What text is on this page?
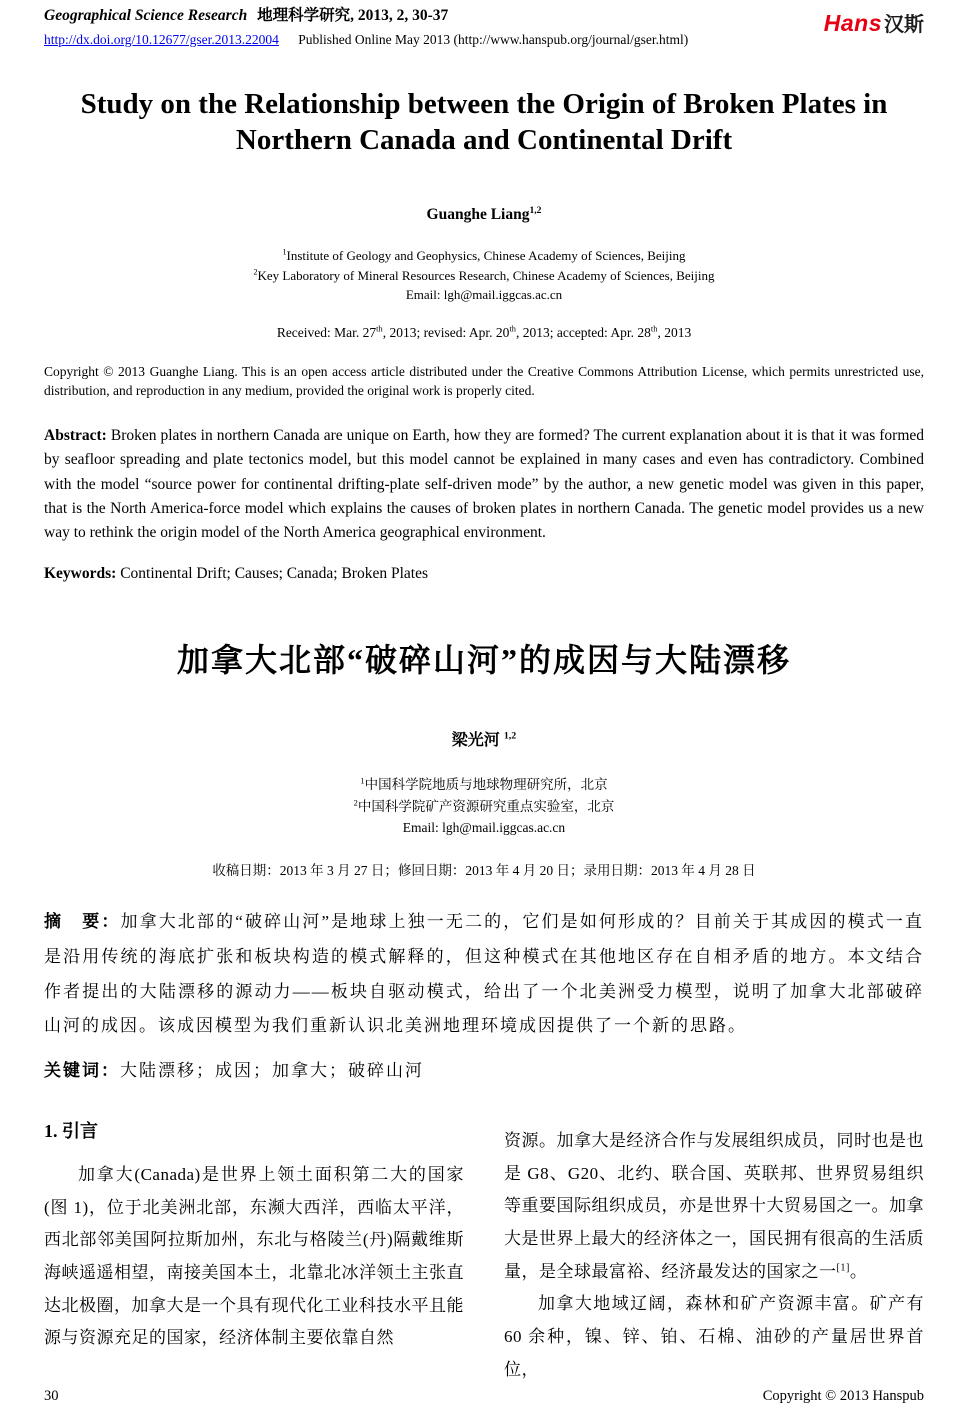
Geographical Science Research 地理科学研究, 2013, 2, 30-37
http://dx.doi.org/10.12677/gser.2013.22004 Published Online May 2013 (http://www.hanspub.org/journal/gser.html)
Hans 汉斯
Study on the Relationship between the Origin of Broken Plates in Northern Canada and Continental Drift
Guanghe Liang$^{1,2}$
$^1$Institute of Geology and Geophysics, Chinese Academy of Sciences, Beijing
$^2$Key Laboratory of Mineral Resources Research, Chinese Academy of Sciences, Beijing
Email: lgh@mail.iggcas.ac.cn
Received: Mar. 27th, 2013; revised: Apr. 20th, 2013; accepted: Apr. 28th, 2013

Copyright © 2013 Guanghe Liang. This is an open access article distributed under the Creative Commons Attribution License, which permits unrestricted use, distribution, and reproduction in any medium, provided the original work is properly cited.

Abstract: Broken plates in northern Canada are unique on Earth, how they are formed? The current explanation about it is that it was formed by seafloor spreading and plate tectonics model, but this model cannot be explained in many cases and even has contradictory. Combined with the model “source power for continental drifting-plate self-driven mode” by the author, a new genetic model was given in this paper, that is the North America-force model which explains the causes of broken plates in northern Canada. The genetic model provides us a new way to rethink the origin model of the North America geographical environment.

Keywords: Continental Drift; Causes; Canada; Broken Plates

加拿大北部“破碎山河”的成因与大陆漂移
梁光河 $^{1,2}$
$^1$中国科学院地质与地球物理研究所，北京
$^2$中国科学院矿产资源研究重点实验室，北京
Email: lgh@mail.iggcas.ac.cn
收稿日期：2013 年 3 月 27 日；修回日期：2013 年 4 月 20 日；录用日期：2013 年 4 月 28 日

摘　要：加拿大北部的“破碎山河”是地球上独一无二的，它们是如何形成的？目前关于其成因的模式一直是沿用传统的海底扩张和板块构造的模式解释的，但这种模式在其他地区存在自相矛盾的地方。本文结合作者提出的大陆漂移的源动力——板块自驱动模式，给出了一个北美洲受力模型，说明了加拿大北部破碎山河的成因。该成因模型为我们重新认识北美洲地理环境成因提供了一个新的思路。

关键词：大陆漂移；成因；加拿大；破碎山河

1. 引言

加拿大(Canada)是世界上领土面积第二大的国家(图 1)，位于北美洲北部，东濒大西洋，西临太平洋，西北部邻美国阿拉斯加州，东北与格陵兰(丹)隔戴维斯海峡遥遥相望，南接美国本土，北靠北冰洋领土主张直达北极圈，加拿大是一个具有现代化工业科技水平且能源与资源充足的国家，经济体制主要依靠自然

资源。加拿大是经济合作与发展组织成员，同时也是也是 G8、G20、北约、联合国、英联邦、世界贸易组织等重要国际组织成员，亦是世界十大贸易国之一。加拿大是世界上最大的经济体之一，国民拥有很高的生活质量，是全球最富裕、经济最发达的国家之一[1]。

加拿大地域辽阔，森林和矿产资源丰富。矿产有 60 余种，镍、锌、铂、石棉、油砂的产量居世界首位，

30	Copyright © 2013 Hanspub
